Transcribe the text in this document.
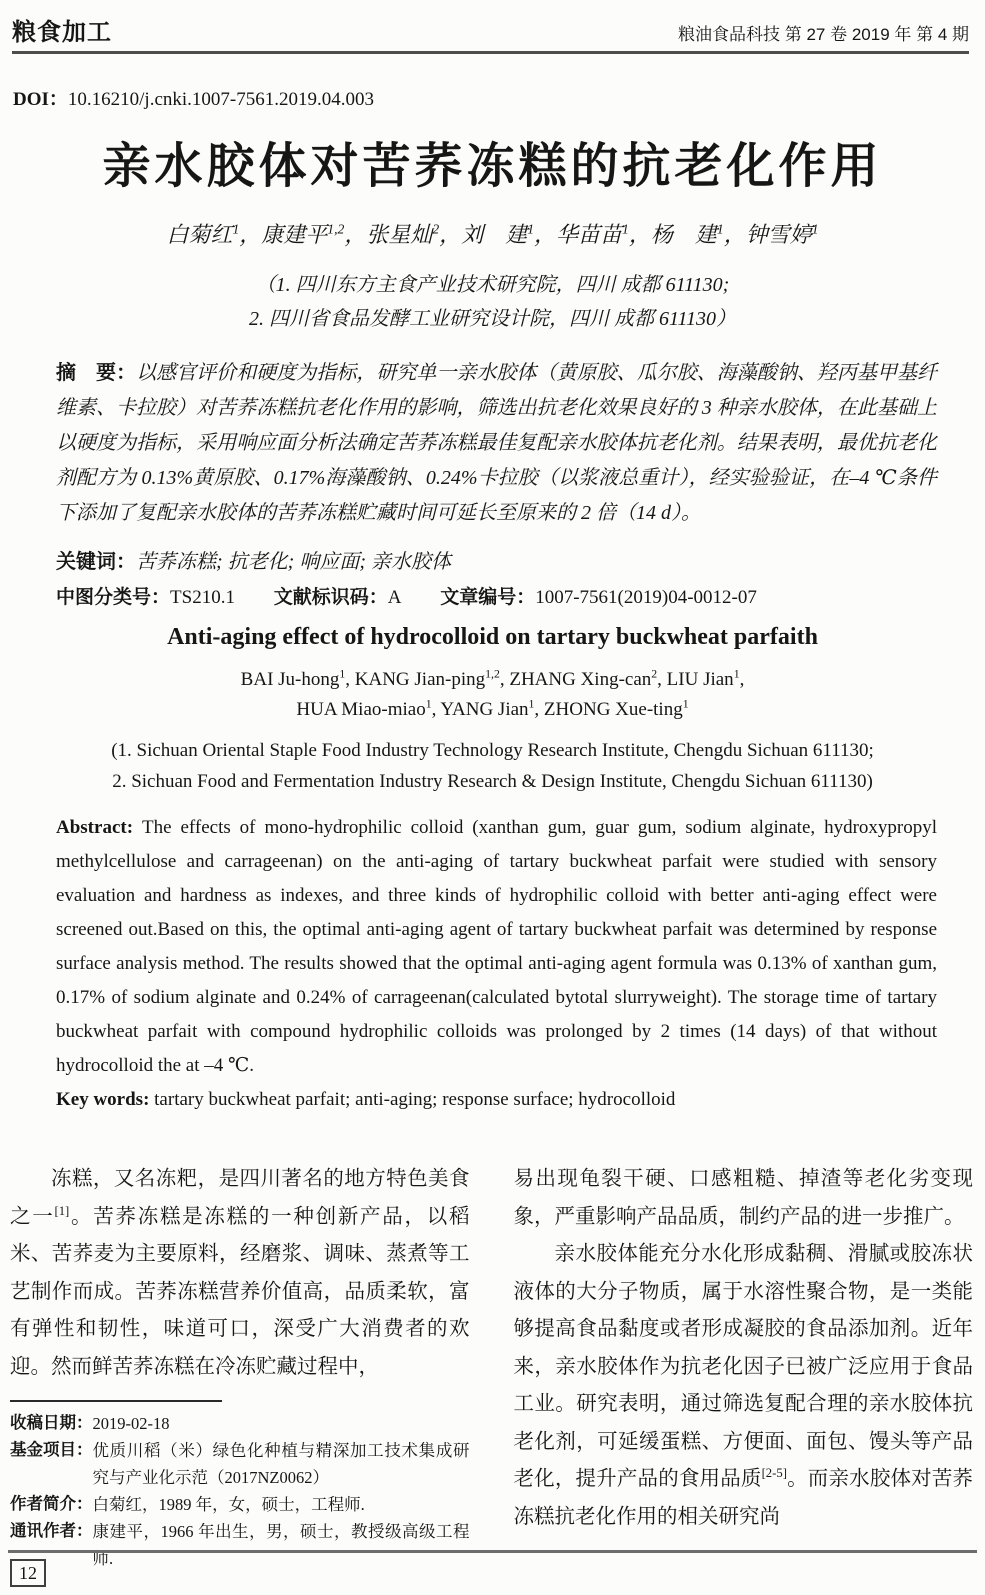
粮食加工	粮油食品科技 第 27 卷 2019 年 第 4 期
DOI：10.16210/j.cnki.1007-7561.2019.04.003
亲水胶体对苦荞冻糕的抗老化作用
白菊红$^1$，康建平$^{1,2}$，张星灿$^2$，刘　建$^1$，华苗苗$^1$，杨　建$^1$，钟雪婷$^1$
（1. 四川东方主食产业技术研究院，四川 成都 611130;
2. 四川省食品发酵工业研究设计院，四川 成都 611130）

摘　要：以感官评价和硬度为指标，研究单一亲水胶体（黄原胶、瓜尔胶、海藻酸钠、羟丙基甲基纤维素、卡拉胶）对苦荞冻糕抗老化作用的影响，筛选出抗老化效果良好的 3 种亲水胶体，在此基础上以硬度为指标，采用响应面分析法确定苦荞冻糕最佳复配亲水胶体抗老化剂。结果表明，最优抗老化剂配方为 0.13%黄原胶、0.17%海藻酸钠、0.24%卡拉胶（以浆液总重计），经实验验证，在–4 ℃条件下添加了复配亲水胶体的苦荞冻糕贮藏时间可延长至原来的 2 倍（14 d）。

关键词：苦荞冻糕; 抗老化; 响应面; 亲水胶体

中图分类号：TS210.1 文献标识码：A 文章编号：1007-7561(2019)04-0012-07

Anti-aging effect of hydrocolloid on tartary buckwheat parfaith
BAI Ju-hong$^1$, KANG Jian-ping$^{1,2}$, ZHANG Xing-can$^2$, LIU Jian$^1$,
HUA Miao-miao$^1$, YANG Jian$^1$, ZHONG Xue-ting$^1$
(1. Sichuan Oriental Staple Food Industry Technology Research Institute, Chengdu Sichuan 611130;
2. Sichuan Food and Fermentation Industry Research & Design Institute, Chengdu Sichuan 611130)

Abstract: The effects of mono-hydrophilic colloid (xanthan gum, guar gum, sodium alginate, hydroxypropyl methylcellulose and carrageenan) on the anti-aging of tartary buckwheat parfait were studied with sensory evaluation and hardness as indexes, and three kinds of hydrophilic colloid with better anti-aging effect were screened out.Based on this, the optimal anti-aging agent of tartary buckwheat parfait was determined by response surface analysis method. The results showed that the optimal anti-aging agent formula was 0.13% of xanthan gum, 0.17% of sodium alginate and 0.24% of carrageenan(calculated bytotal slurryweight). The storage time of tartary buckwheat parfait with compound hydrophilic colloids was prolonged by 2 times (14 days) of that without hydrocolloid the at –4 ℃.

Key words: tartary buckwheat parfait; anti-aging; response surface; hydrocolloid

冻糕，又名冻粑，是四川著名的地方特色美食之一[1]。苦荞冻糕是冻糕的一种创新产品，以稻米、苦荞麦为主要原料，经磨浆、调味、蒸煮等工艺制作而成。苦荞冻糕营养价值高，品质柔软，富有弹性和韧性，味道可口，深受广大消费者的欢迎。然而鲜苦荞冻糕在冷冻贮藏过程中，

收稿日期： 2019-02-18
基金项目： 优质川稻（米）绿色化种植与精深加工技术集成研究与产业化示范（2017NZ0062）
作者简介： 白菊红，1989 年，女，硕士，工程师.
通讯作者： 康建平，1966 年出生，男，硕士，教授级高级工程师.

易出现龟裂干硬、口感粗糙、掉渣等老化劣变现象，严重影响产品品质，制约产品的进一步推广。

亲水胶体能充分水化形成黏稠、滑腻或胶冻状液体的大分子物质，属于水溶性聚合物，是一类能够提高食品黏度或者形成凝胶的食品添加剂。近年来，亲水胶体作为抗老化因子已被广泛应用于食品工业。研究表明，通过筛选复配合理的亲水胶体抗老化剂，可延缓蛋糕、方便面、面包、馒头等产品老化，提升产品的食用品质[2-5]。而亲水胶体对苦荞冻糕抗老化作用的相关研究尚

12
